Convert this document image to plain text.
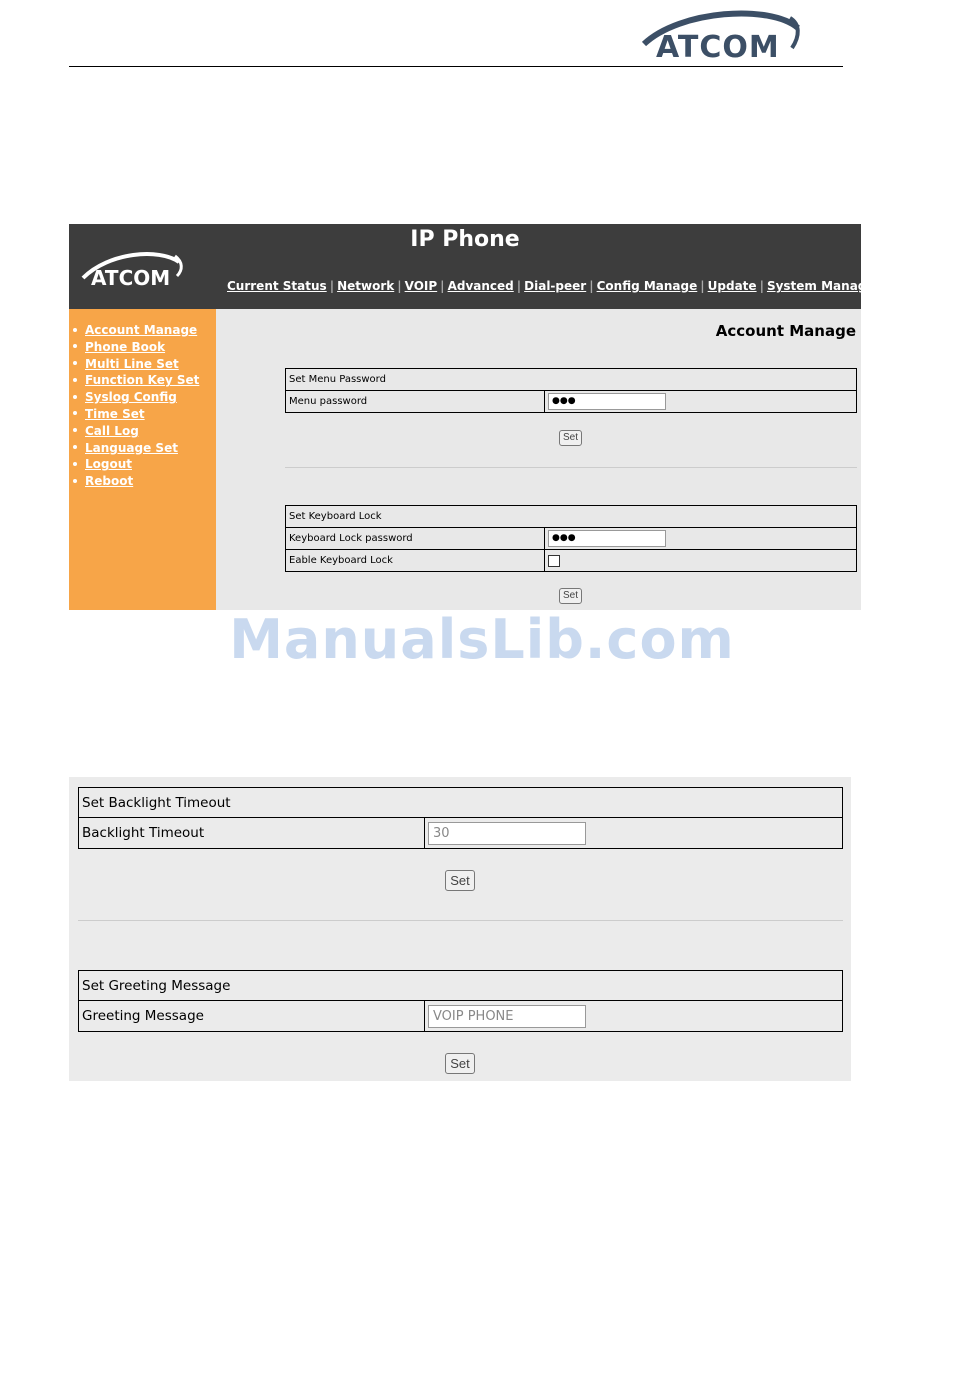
ATCOM
IP Phone
ATCOM	Current Status | Network | VOIP | Advanced | Dial-peer | Config Manage | Update | System Manage
Account Manage
Phone Book
Multi Line Set
Function Key Set
Syslog Config
Time Set
Call Log
Language Set
Logout
Reboot
Account Manage
Set Menu Password
Menu password	●●●
Set
Set Keyboard Lock	
Keyboard Lock password	●●●
Eable Keyboard Lock	
Set
ManualsLib.com
Set Backlight Timeout
Backlight Timeout	30
Set
Set Greeting Message
Greeting Message	VOIP PHONE
Set
